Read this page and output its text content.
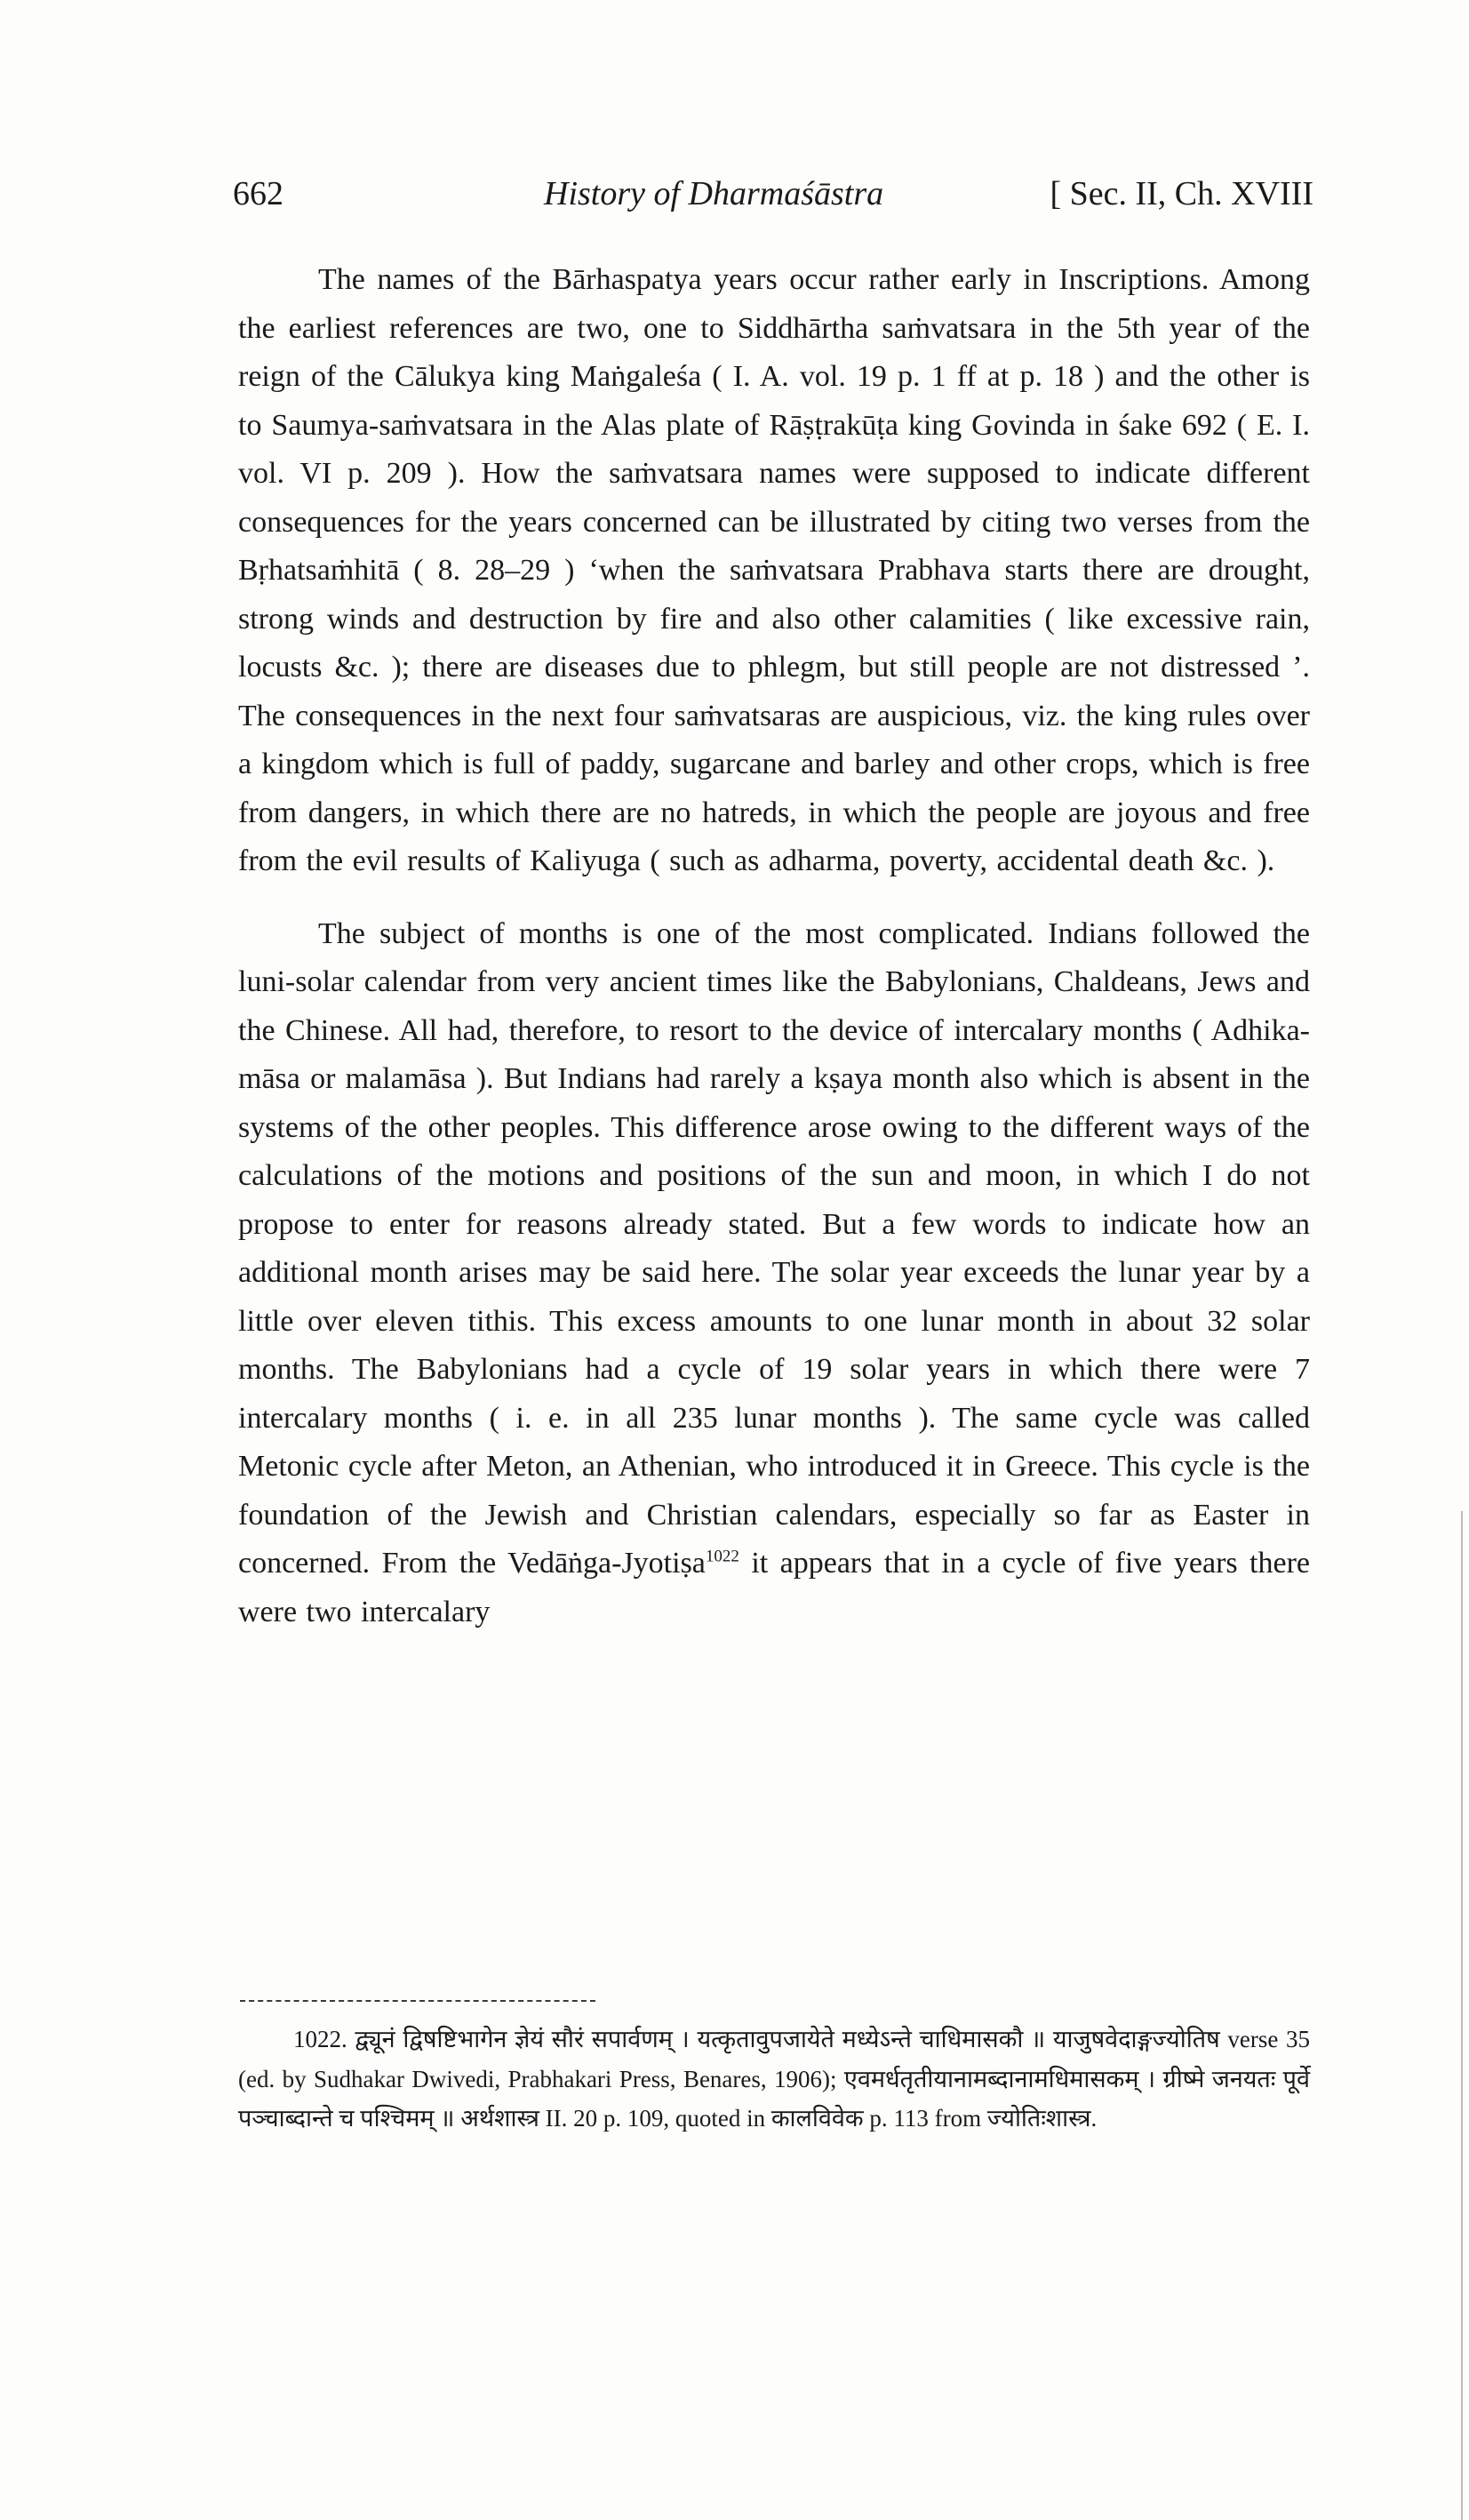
662	History of Dharmaśāstra	[ Sec. II, Ch. XVIII

The names of the Bārhaspatya years occur rather early in Inscriptions. Among the earliest references are two, one to Siddhārtha saṁvatsara in the 5th year of the reign of the Cālukya king Maṅgaleśa ( I. A. vol. 19 p. 1 ff at p. 18 ) and the other is to Saumya-saṁvatsara in the Alas plate of Rāṣṭrakūṭa king Govinda in śake 692 ( E. I. vol. VI p. 209 ). How the saṁvatsara names were supposed to indicate different consequences for the years concerned can be illustrated by citing two verses from the Bṛhatsaṁhitā ( 8. 28–29 ) ‘when the saṁvatsara Prabhava starts there are drought, strong winds and destruction by fire and also other calamities ( like excessive rain, locusts &c. ); there are diseases due to phlegm, but still people are not distressed ’. The consequences in the next four saṁvatsaras are auspicious, viz. the king rules over a kingdom which is full of paddy, sugarcane and barley and other crops, which is free from dangers, in which there are no hatreds, in which the people are joyous and free from the evil results of Kaliyuga ( such as adharma, poverty, accidental death &c. ).

The subject of months is one of the most complicated. Indians followed the luni-solar calendar from very ancient times like the Babylonians, Chaldeans, Jews and the Chinese. All had, therefore, to resort to the device of intercalary months ( Adhika-māsa or malamāsa ). But Indians had rarely a kṣaya month also which is absent in the systems of the other peoples. This difference arose owing to the different ways of the calculations of the motions and positions of the sun and moon, in which I do not propose to enter for reasons already stated. But a few words to indicate how an additional month arises may be said here. The solar year exceeds the lunar year by a little over eleven tithis. This excess amounts to one lunar month in about 32 solar months. The Babylonians had a cycle of 19 solar years in which there were 7 intercalary months ( i. e. in all 235 lunar months ). The same cycle was called Metonic cycle after Meton, an Athenian, who introduced it in Greece. This cycle is the foundation of the Jewish and Christian calendars, especially so far as Easter in concerned. From the Vedāṅga-Jyotiṣa$^{1022}$ it appears that in a cycle of five years there were two intercalary

1022. द्व्यूनं द्विषष्टिभागेन ज्ञेयं सौरं सपार्वणम् । यत्कृतावुपजायेते मध्येऽन्ते चाधिमासकौ ॥ याजुषवेदाङ्गज्योतिष verse 35 (ed. by Sudhakar Dwivedi, Prabhakari Press, Benares, 1906); एवमर्धतृतीयानामब्दानामधिमासकम् । ग्रीष्मे जनयतः पूर्वे पञ्चाब्दान्ते च पश्चिमम् ॥ अर्थशास्त्र II. 20 p. 109, quoted in कालविवेक p. 113 from ज्योतिःशास्त्र.
